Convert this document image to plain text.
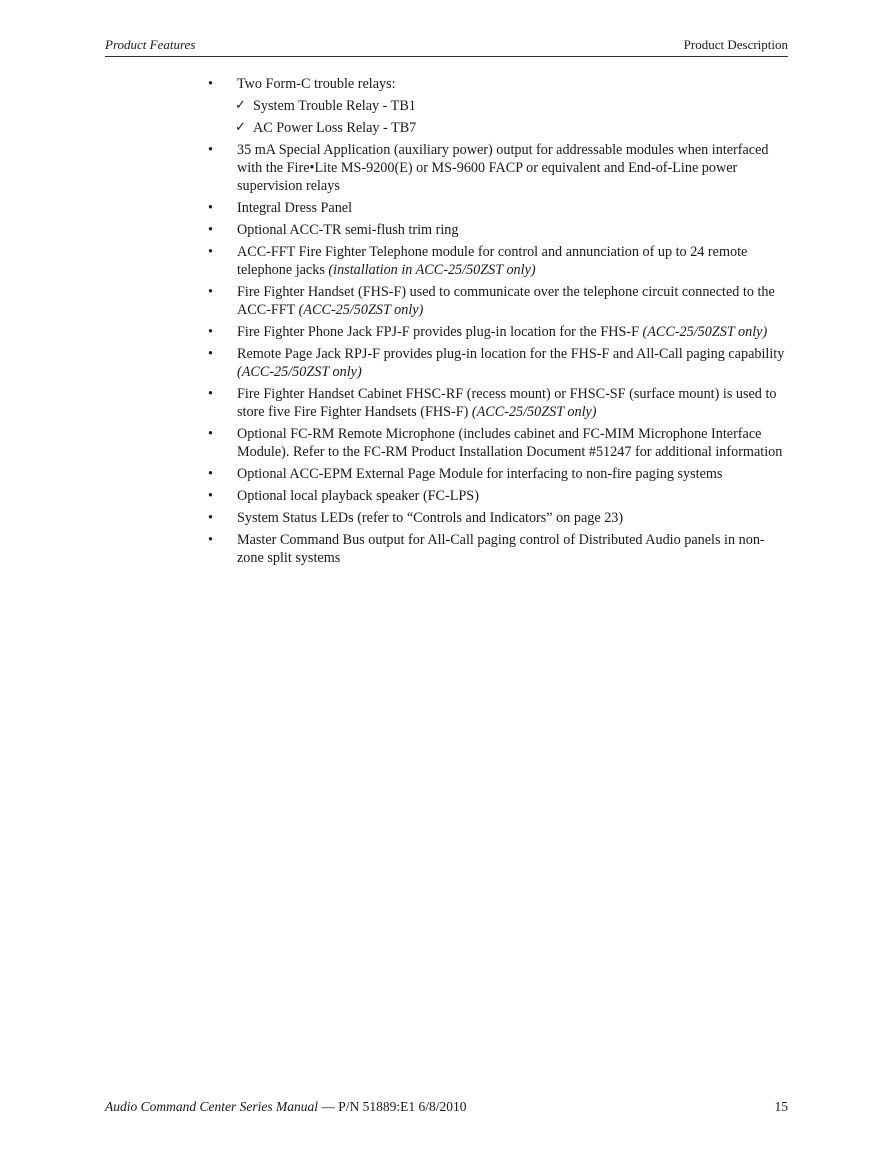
Product Features	Product Description
• Two Form-C trouble relays:
✓ System Trouble Relay - TB1
✓ AC Power Loss Relay - TB7
• 35 mA Special Application (auxiliary power) output for addressable modules when interfaced with the Fire•Lite MS-9200(E) or MS-9600 FACP or equivalent and End-of-Line power supervision relays
• Integral Dress Panel
• Optional ACC-TR semi-flush trim ring
• ACC-FFT Fire Fighter Telephone module for control and annunciation of up to 24 remote telephone jacks (installation in ACC-25/50ZST only)
• Fire Fighter Handset (FHS-F) used to communicate over the telephone circuit connected to the ACC-FFT (ACC-25/50ZST only)
• Fire Fighter Phone Jack FPJ-F provides plug-in location for the FHS-F (ACC-25/50ZST only)
• Remote Page Jack RPJ-F provides plug-in location for the FHS-F and All-Call paging capability (ACC-25/50ZST only)
• Fire Fighter Handset Cabinet FHSC-RF (recess mount) or FHSC-SF (surface mount) is used to store five Fire Fighter Handsets (FHS-F) (ACC-25/50ZST only)
• Optional FC-RM Remote Microphone (includes cabinet and FC-MIM Microphone Interface Module). Refer to the FC-RM Product Installation Document #51247 for additional information
• Optional ACC-EPM External Page Module for interfacing to non-fire paging systems
• Optional local playback speaker (FC-LPS)
• System Status LEDs (refer to “Controls and Indicators” on page 23)
• Master Command Bus output for All-Call paging control of Distributed Audio panels in non-zone split systems
Audio Command Center Series Manual — P/N 51889:E1 6/8/2010	15
